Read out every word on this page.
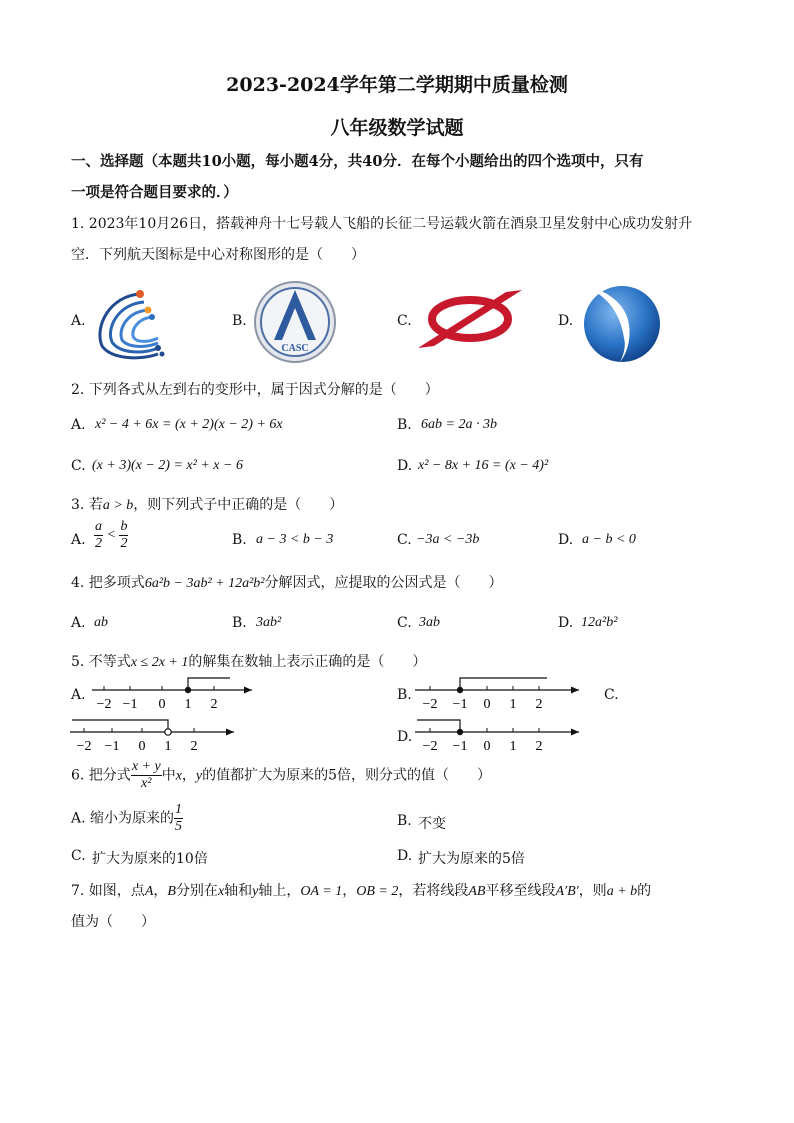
2023-2024学年第二学期期中质量检测
八年级数学试题
一、选择题（本题共10小题，每小题4分，共40分．在每个小题给出的四个选项中，只有
一项是符合题目要求的．）
1. 2023年10月26日，搭载神舟十七号载人飞船的长征二号运载火箭在酒泉卫星发射中心成功发射升
空．下列航天图标是中心对称图形的是（　　）
A.	B.
CASC
C.	D.
2. 下列各式从左到右的变形中，属于因式分解的是（　　）
A. x² − 4 + 6x = (x + 2)(x − 2) + 6x	B. 6ab = 2a · 3b
C. (x + 3)(x − 2) = x² + x − 6	D. x² − 8x + 16 = (x − 4)²
3. 若a > b，则下列式子中正确的是（　　）
A. $\frac{a}{2} < \frac{b}{2}$	B. a − 3 < b − 3	C. −3a < −3b	D. a − b < 0
4. 把多项式6a²b − 3ab² + 12a²b²分解因式，应提取的公因式是（　　）
A. ab	B. 3ab²	C. 3ab	D. 12a²b²
5. 不等式x ≤ 2x + 1的解集在数轴上表示正确的是（　　）
A.
−2 −1 0 1 2
B.
−2 −1 0 1 2
C.
−2 −1 0 1 2
D.
−2 −1 0 1 2
6. 把分式 $\frac{x + y}{\text{x²}}$ 中x，y的值都扩大为原来的5倍，则分式的值（　　）
A. 缩小为原来的 $\frac{1}{5}$	B. 不变
C. 扩大为原来的10倍	D. 扩大为原来的5倍
7. 如图，点A，B分别在x轴和y轴上，OA = 1，OB = 2，若将线段AB平移至线段A′B′，则a + b的
值为（　　）
